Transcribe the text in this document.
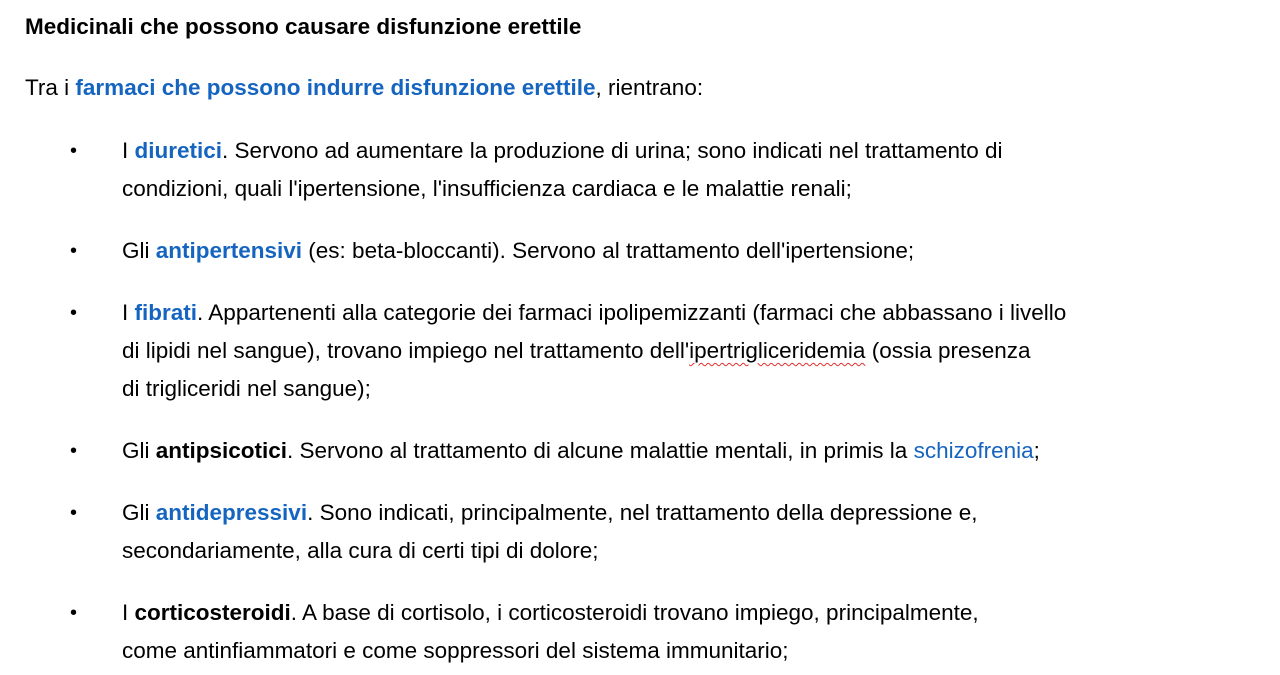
Medicinali che possono causare disfunzione erettile
Tra i farmaci che possono indurre disfunzione erettile, rientrano:
• I diuretici. Servono ad aumentare la produzione di urina; sono indicati nel trattamento di
condizioni, quali l'ipertensione, l'insufficienza cardiaca e le malattie renali;
• Gli antipertensivi (es: beta-bloccanti). Servono al trattamento dell'ipertensione;
• I fibrati. Appartenenti alla categorie dei farmaci ipolipemizzanti (farmaci che abbassano i livello
di lipidi nel sangue), trovano impiego nel trattamento dell'ipertrigliceridemia (ossia presenza
di trigliceridi nel sangue);
• Gli antipsicotici. Servono al trattamento di alcune malattie mentali, in primis la schizofrenia;
• Gli antidepressivi. Sono indicati, principalmente, nel trattamento della depressione e,
secondariamente, alla cura di certi tipi di dolore;
• I corticosteroidi. A base di cortisolo, i corticosteroidi trovano impiego, principalmente,
come antinfiammatori e come soppressori del sistema immunitario;
